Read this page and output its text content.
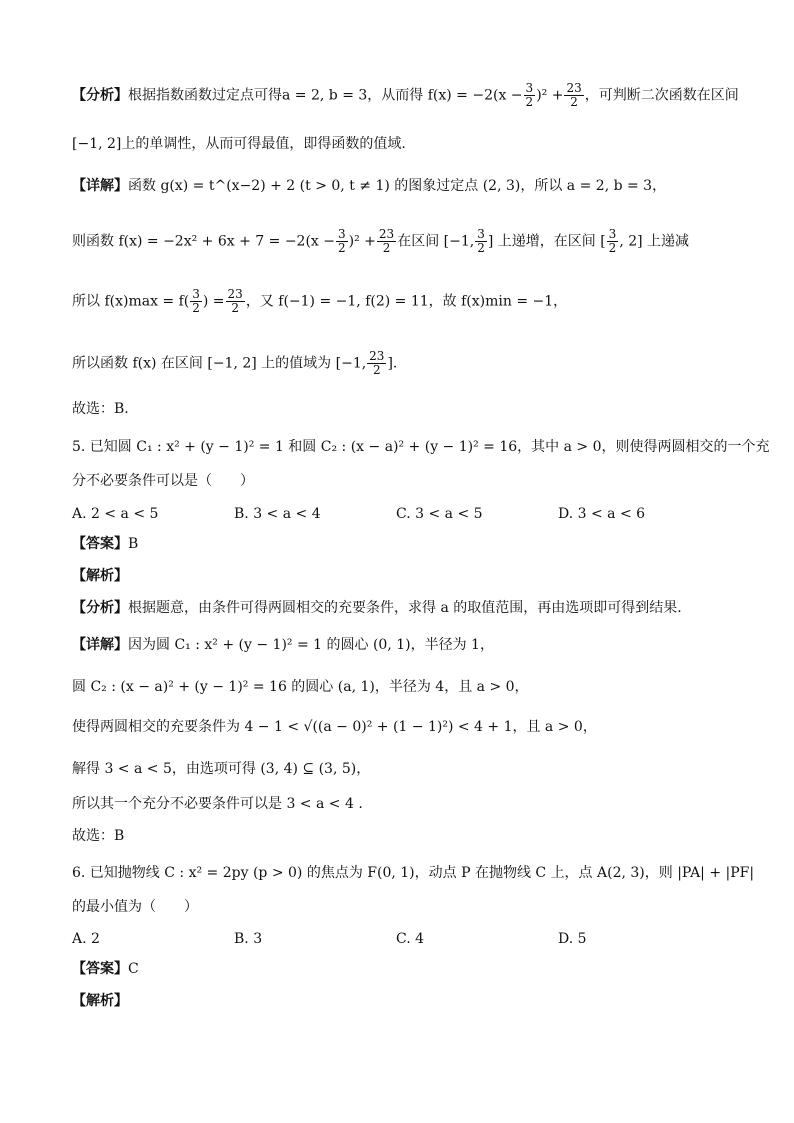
【分析】根据指数函数过定点可得a = 2, b = 3，从而得 $f(x) = -2(x - \frac{3}{2} )^2 + \frac{23}{2}$ ，可判断二次函数在区间
[−1, 2]上的单调性，从而可得最值，即得函数的值域.
【详解】函数 g(x) = t^(x−2) + 2 (t > 0, t ≠ 1) 的图象过定点 (2, 3)，所以 a = 2, b = 3，
则函数 $f(x) = -2x^2 + 6x + 7 = -2(x - \frac{3}{2} )^2 + \frac{23}{2}$ 在区间 [−1, $\frac{3}{2}$ ] 上递增，在区间 [ $\frac{3}{2}$ , 2] 上递减
所以 $f(x)\max = f( \frac{3}{2}$ ) = $\frac{23}{2}$ ，又 f(−1) = −1, f(2) = 11，故 f(x)min = −1，
所以函数 f(x) 在区间 [−1, 2] 上的值域为 [−1, $\frac{23}{2}$ ].
故选：B.
5. 已知圆 C₁ : x² + (y − 1)² = 1 和圆 C₂ : (x − a)² + (y − 1)² = 16，其中 a > 0，则使得两圆相交的一个充
分不必要条件可以是（　　）
A. 2 < a < 5	B. 3 < a < 4	C. 3 < a < 5	D. 3 < a < 6
【答案】B
【解析】
【分析】根据题意，由条件可得两圆相交的充要条件，求得 a 的取值范围，再由选项即可得到结果.
【详解】因为圆 C₁ : x² + (y − 1)² = 1 的圆心 (0, 1)，半径为 1，
圆 C₂ : (x − a)² + (y − 1)² = 16 的圆心 (a, 1)，半径为 4，且 a > 0，
使得两圆相交的充要条件为 4 − 1 < √((a − 0)² + (1 − 1)²) < 4 + 1，且 a > 0，
解得 3 < a < 5，由选项可得 (3, 4) ⊆ (3, 5)，
所以其一个充分不必要条件可以是 3 < a < 4 .
故选：B
6. 已知抛物线 C : x² = 2py (p > 0) 的焦点为 F(0, 1)，动点 P 在抛物线 C 上，点 A(2, 3)，则 |PA| + |PF|
的最小值为（　　）
A. 2	B. 3	C. 4	D. 5
【答案】C
【解析】
